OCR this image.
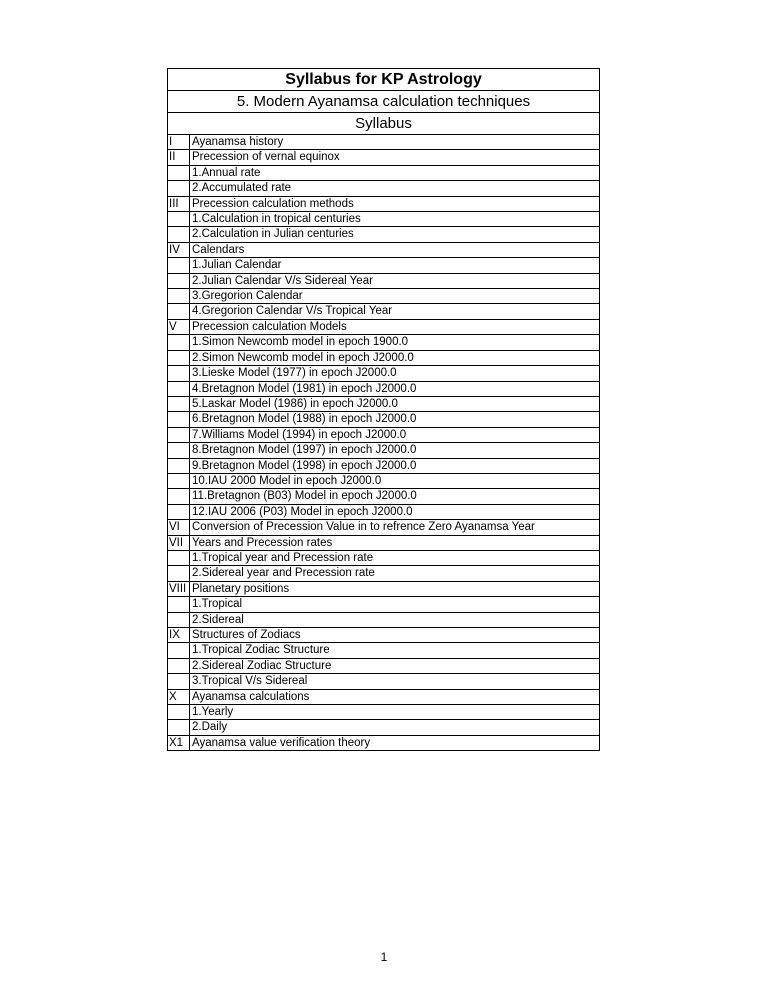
Syllabus for KP Astrology	
5. Modern Ayanamsa calculation techniques	
Syllabus	
I	Ayanamsa history
II	Precession of vernal equinox
	1.Annual rate
	2.Accumulated rate
III	Precession calculation methods
	1.Calculation in tropical centuries
	2.Calculation in Julian centuries
IV	Calendars
	1.Julian Calendar
	2.Julian Calendar V/s Sidereal Year
	3.Gregorion Calendar
	4.Gregorion Calendar V/s Tropical Year
V	Precession calculation Models
	1.Simon Newcomb model in epoch 1900.0
	2.Simon Newcomb model in epoch J2000.0
	3.Lieske Model (1977) in epoch J2000.0
	4.Bretagnon Model (1981) in epoch J2000.0
	5.Laskar Model (1986) in epoch J2000.0
	6.Bretagnon Model (1988) in epoch J2000.0
	7.Williams Model (1994) in epoch J2000.0
	8.Bretagnon Model (1997) in epoch J2000.0
	9.Bretagnon Model (1998) in epoch J2000.0
	10.IAU 2000 Model in epoch J2000.0
	11.Bretagnon (B03) Model in epoch J2000.0
	12.IAU 2006 (P03) Model in epoch J2000.0
VI	Conversion of Precession Value in to refrence Zero Ayanamsa Year
VII	Years and Precession rates
	1.Tropical year and Precession rate
	2.Sidereal year and Precession rate
VIII	Planetary positions
	1.Tropical
	2.Sidereal
IX	Structures of Zodiacs
	1.Tropical Zodiac Structure
	2.Sidereal Zodiac Structure
	3.Tropical V/s Sidereal
X	Ayanamsa calculations
	1.Yearly
	2.Daily
X1	Ayanamsa value verification theory
1
